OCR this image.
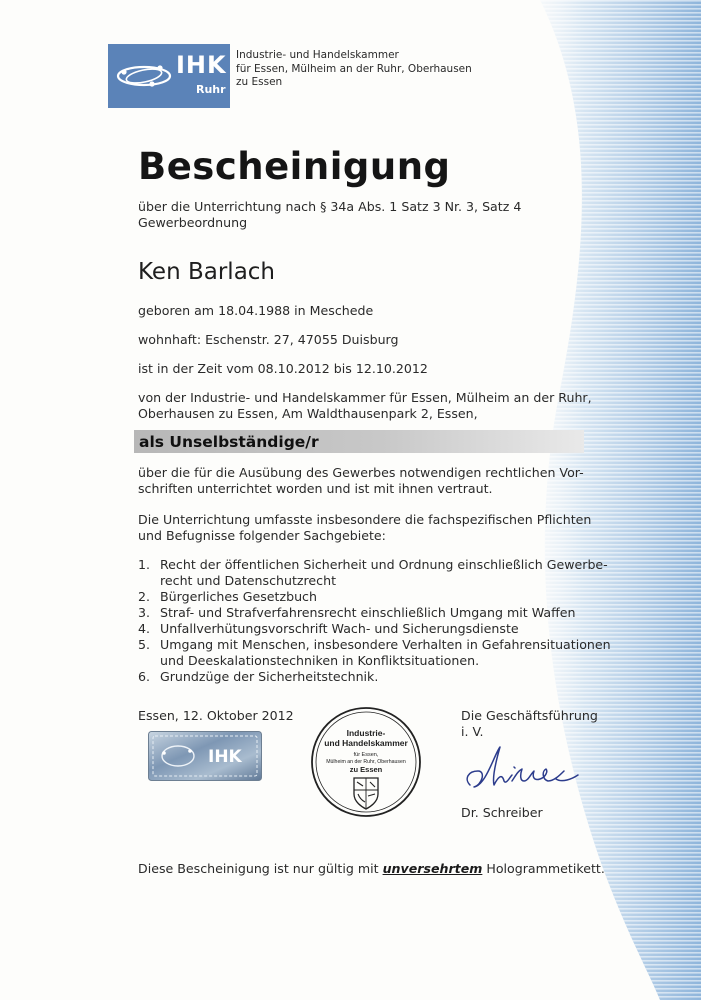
IHK
Ruhr
Industrie- und Handelskammer
für Essen, Mülheim an der Ruhr, Oberhausen
zu Essen
Bescheinigung
über die Unterrichtung nach § 34a Abs. 1 Satz 3 Nr. 3, Satz 4
Gewerbeordnung
Ken Barlach
geboren am 18.04.1988 in Meschede
wohnhaft: Eschenstr. 27, 47055 Duisburg
ist in der Zeit vom 08.10.2012 bis 12.10.2012
von der Industrie- und Handelskammer für Essen, Mülheim an der Ruhr,
Oberhausen zu Essen, Am Waldthausenpark 2, Essen,
als Unselbständige/r
über die für die Ausübung des Gewerbes notwendigen rechtlichen Vor-
schriften unterrichtet worden und ist mit ihnen vertraut.
Die Unterrichtung umfasste insbesondere die fachspezifischen Pflichten
und Befugnisse folgender Sachgebiete:
1. Recht der öffentlichen Sicherheit und Ordnung einschließlich Gewerbe-
recht und Datenschutzrecht
2. Bürgerliches Gesetzbuch
3. Straf- und Strafverfahrensrecht einschließlich Umgang mit Waffen
4. Unfallverhütungsvorschrift Wach- und Sicherungsdienste
5. Umgang mit Menschen, insbesondere Verhalten in Gefahrensituationen
und Deeskalationstechniken in Konfliktsituationen.
6. Grundzüge der Sicherheitstechnik.
Essen, 12. Oktober 2012
IHK
Industrie-
und Handelskammer
für Essen,
Mülheim an der Ruhr, Oberhausen
zu Essen
Die Geschäftsführung
i. V.
Dr. Schreiber
Diese Bescheinigung ist nur gültig mit unversehrtem Hologrammetikett.
